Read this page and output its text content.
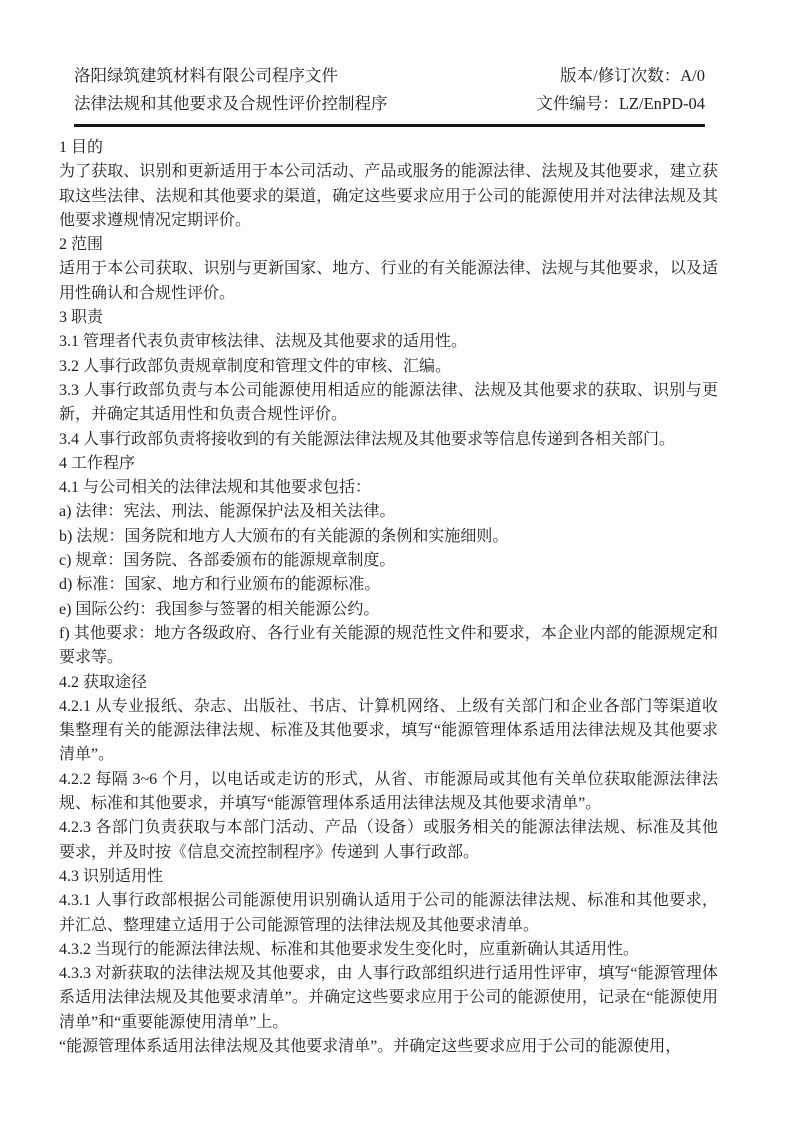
洛阳绿筑建筑材料有限公司程序文件
法律法规和其他要求及合规性评价控制程序
版本/修订次数：A/0
文件编号：LZ/EnPD-04

1 目的

为了获取、识别和更新适用于本公司活动、产品或服务的能源法律、法规及其他要求，建立获取这些法律、法规和其他要求的渠道，确定这些要求应用于公司的能源使用并对法律法规及其他要求遵规情况定期评价。

2 范围

适用于本公司获取、识别与更新国家、地方、行业的有关能源法律、法规与其他要求，以及适用性确认和合规性评价。

3 职责

3.1 管理者代表负责审核法律、法规及其他要求的适用性。

3.2 人事行政部负责规章制度和管理文件的审核、汇编。

3.3 人事行政部负责与本公司能源使用相适应的能源法律、法规及其他要求的获取、识别与更新，并确定其适用性和负责合规性评价。

3.4 人事行政部负责将接收到的有关能源法律法规及其他要求等信息传递到各相关部门。

4 工作程序

4.1 与公司相关的法律法规和其他要求包括：

a) 法律：宪法、刑法、能源保护法及相关法律。

b) 法规：国务院和地方人大颁布的有关能源的条例和实施细则。

c) 规章：国务院、各部委颁布的能源规章制度。

d) 标准：国家、地方和行业颁布的能源标准。

e) 国际公约：我国参与签署的相关能源公约。

f) 其他要求：地方各级政府、各行业有关能源的规范性文件和要求，本企业内部的能源规定和要求等。

4.2 获取途径

4.2.1 从专业报纸、杂志、出版社、书店、计算机网络、上级有关部门和企业各部门等渠道收集整理有关的能源法律法规、标准及其他要求，填写“能源管理体系适用法律法规及其他要求清单”。

4.2.2 每隔 3~6 个月，以电话或走访的形式，从省、市能源局或其他有关单位获取能源法律法规、标准和其他要求，并填写“能源管理体系适用法律法规及其他要求清单”。

4.2.3 各部门负责获取与本部门活动、产品（设备）或服务相关的能源法律法规、标准及其他要求，并及时按《信息交流控制程序》传递到 人事行政部。

4.3 识别适用性

4.3.1 人事行政部根据公司能源使用识别确认适用于公司的能源法律法规、标准和其他要求，并汇总、整理建立适用于公司能源管理的法律法规及其他要求清单。

4.3.2 当现行的能源法律法规、标准和其他要求发生变化时，应重新确认其适用性。

4.3.3 对新获取的法律法规及其他要求，由 人事行政部组织进行适用性评审，填写“能源管理体系适用法律法规及其他要求清单”。并确定这些要求应用于公司的能源使用，记录在“能源使用清单”和“重要能源使用清单”上。

“能源管理体系适用法律法规及其他要求清单”。并确定这些要求应用于公司的能源使用，
